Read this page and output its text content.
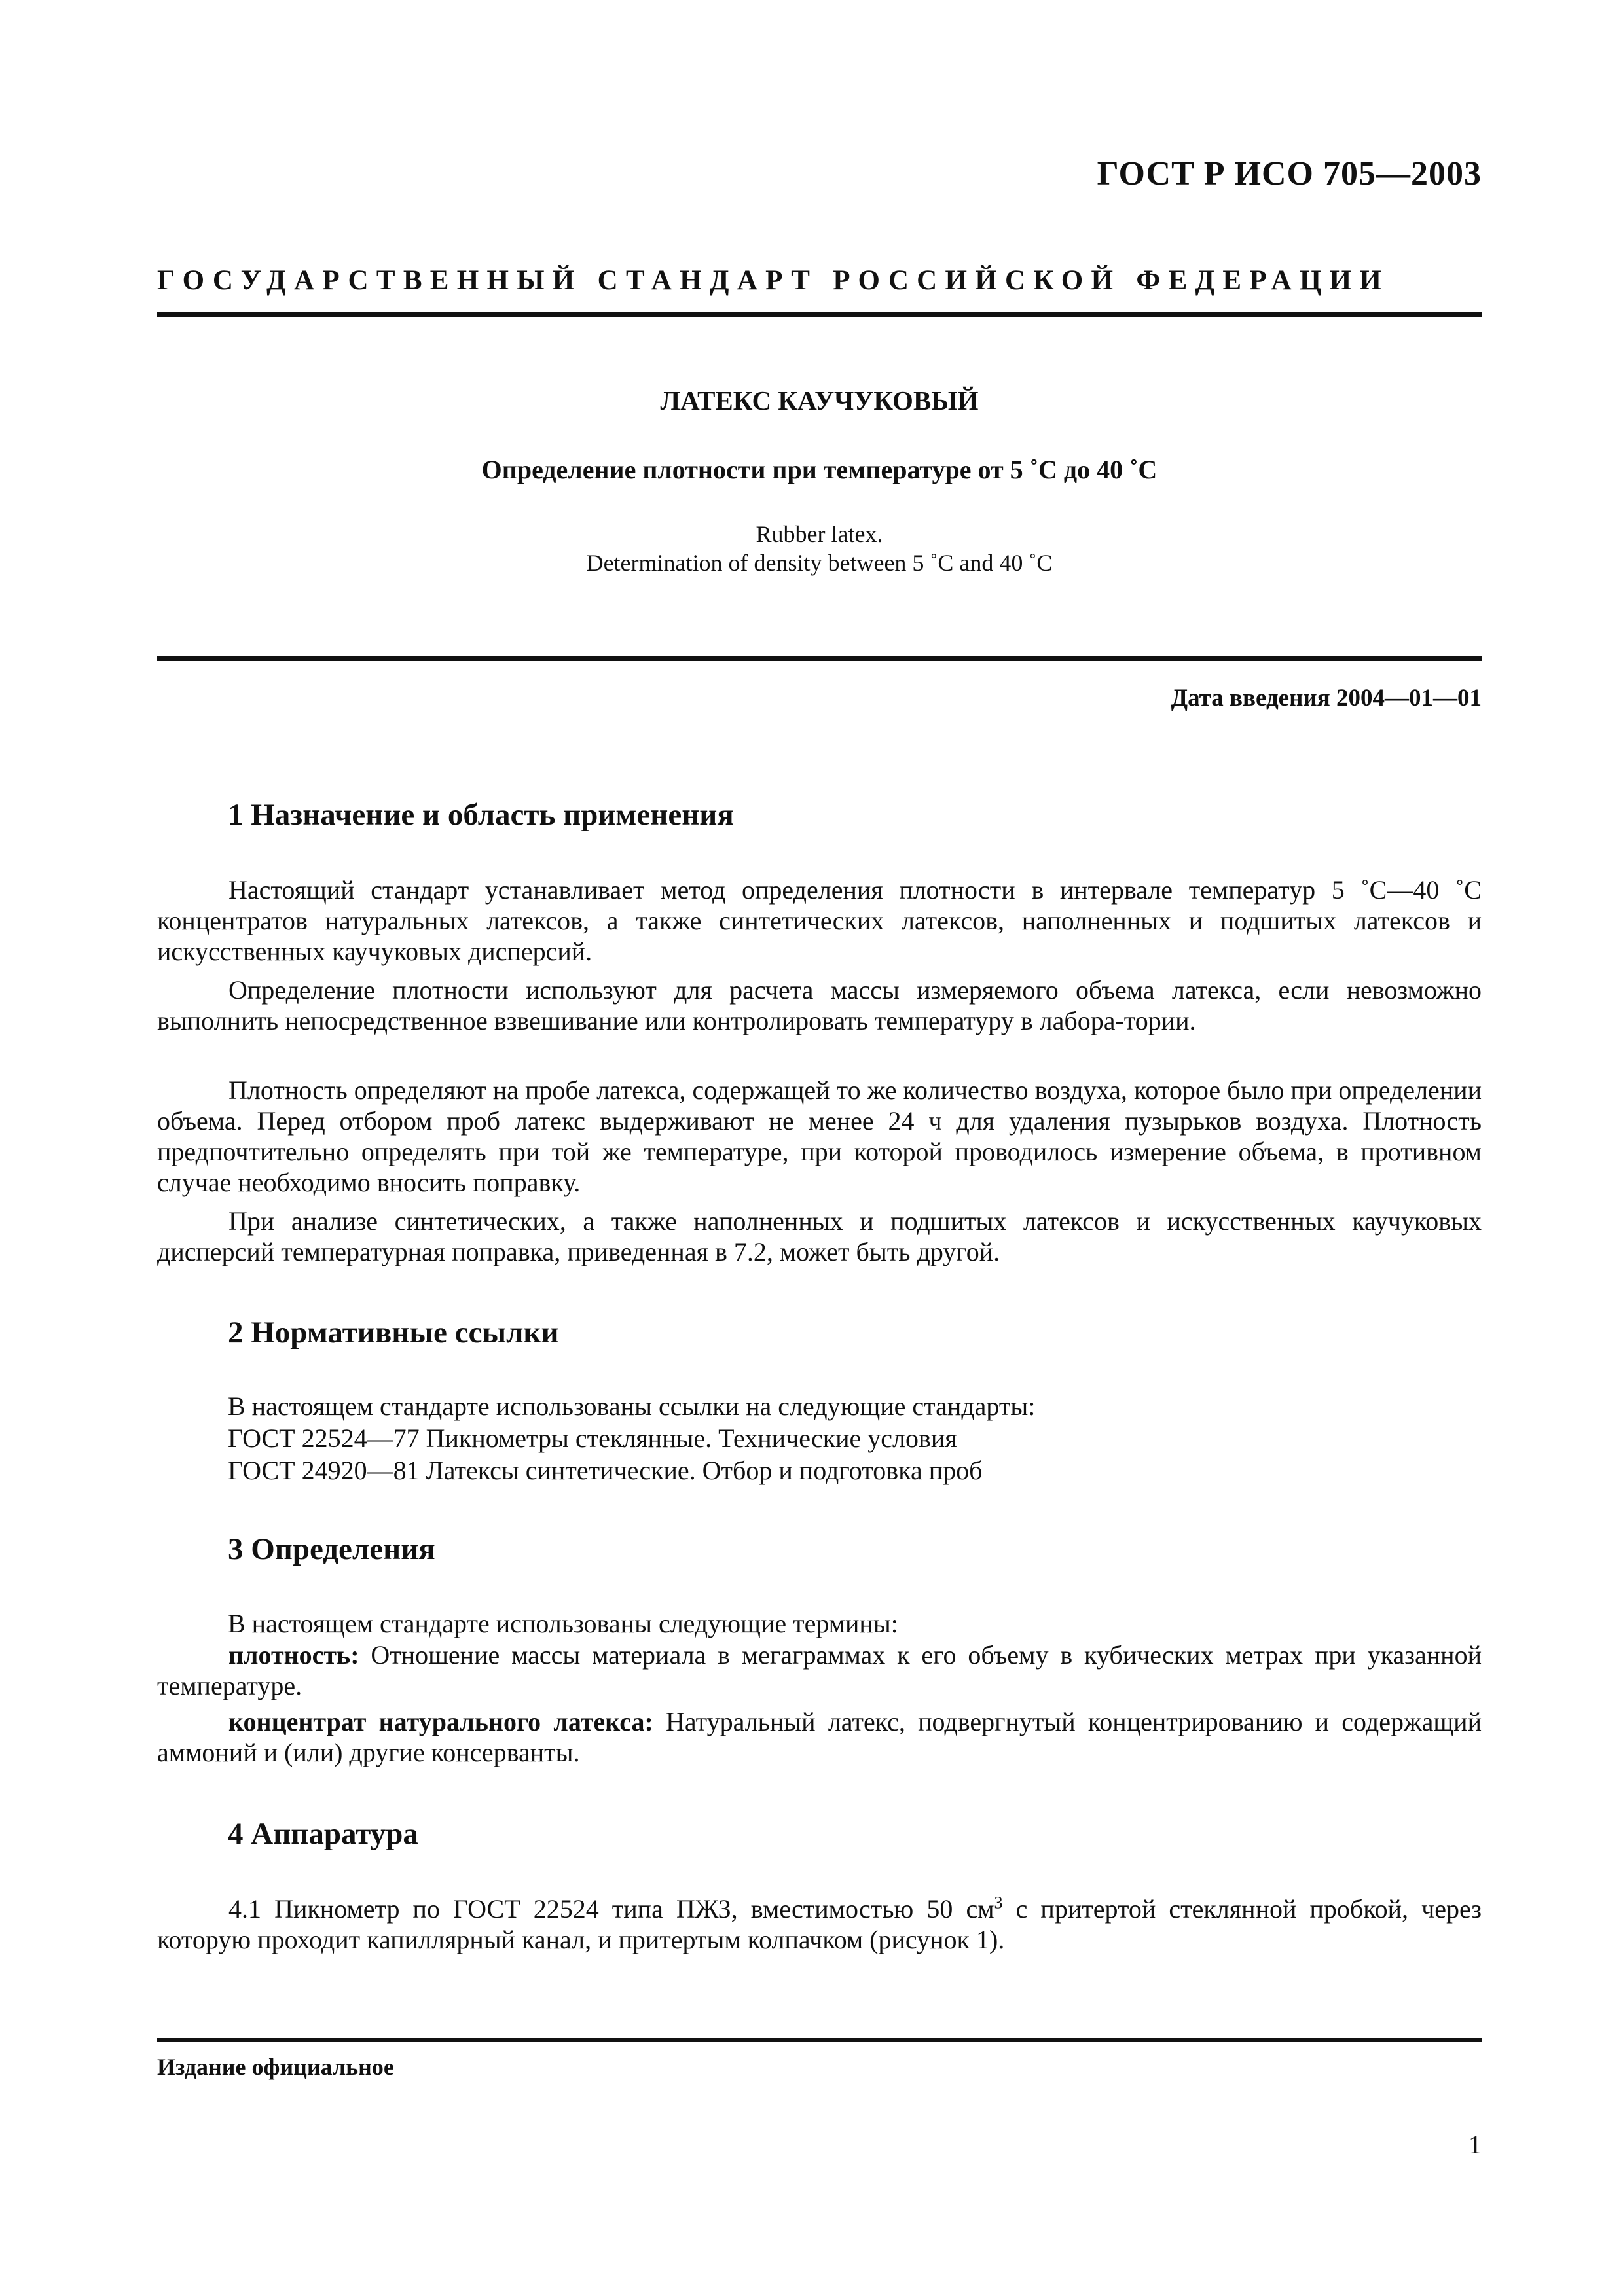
ГОСТ Р ИСО 705—2003
ГОСУДАРСТВЕННЫЙ СТАНДАРТ РОССИЙСКОЙ ФЕДЕРАЦИИ
ЛАТЕКС КАУЧУКОВЫЙ
Определение плотности при температуре от 5 ˚С до 40 ˚С
Rubber latex.
Determination of density between 5 ˚C and 40 ˚C
Дата введения 2004—01—01
1 Назначение и область применения

Настоящий стандарт устанавливает метод определения плотности в интервале температур 5 ˚С—40 ˚С концентратов натуральных латексов, а также синтетических латексов, наполненных и подшитых латексов и искусственных каучуковых дисперсий.

Определение плотности используют для расчета массы измеряемого объема латекса, если невозможно выполнить непосредственное взвешивание или контролировать температуру в лабора-тории.

Плотность определяют на пробе латекса, содержащей то же количество воздуха, которое было при определении объема. Перед отбором проб латекс выдерживают не менее 24 ч для удаления пузырьков воздуха. Плотность предпочтительно определять при той же температуре, при которой проводилось измерение объема, в противном случае необходимо вносить поправку.

При анализе синтетических, а также наполненных и подшитых латексов и искусственных каучуковых дисперсий температурная поправка, приведенная в 7.2, может быть другой.

2 Нормативные ссылки
В настоящем стандарте использованы ссылки на следующие стандарты:
ГОСТ 22524—77 Пикнометры стеклянные. Технические условия
ГОСТ 24920—81 Латексы синтетические. Отбор и подготовка проб
3 Определения
В настоящем стандарте использованы следующие термины:

плотность: Отношение массы материала в мегаграммах к его объему в кубических метрах при указанной температуре.

концентрат натурального латекса: Натуральный латекс, подвергнутый концентрированию и содержащий аммоний и (или) другие консерванты.

4 Аппаратура

4.1 Пикнометр по ГОСТ 22524 типа ПЖЗ, вместимостью 50 $см^3$ с притертой стеклянной пробкой, через которую проходит капиллярный канал, и притертым колпачком (рисунок 1).

Издание официальное
1
